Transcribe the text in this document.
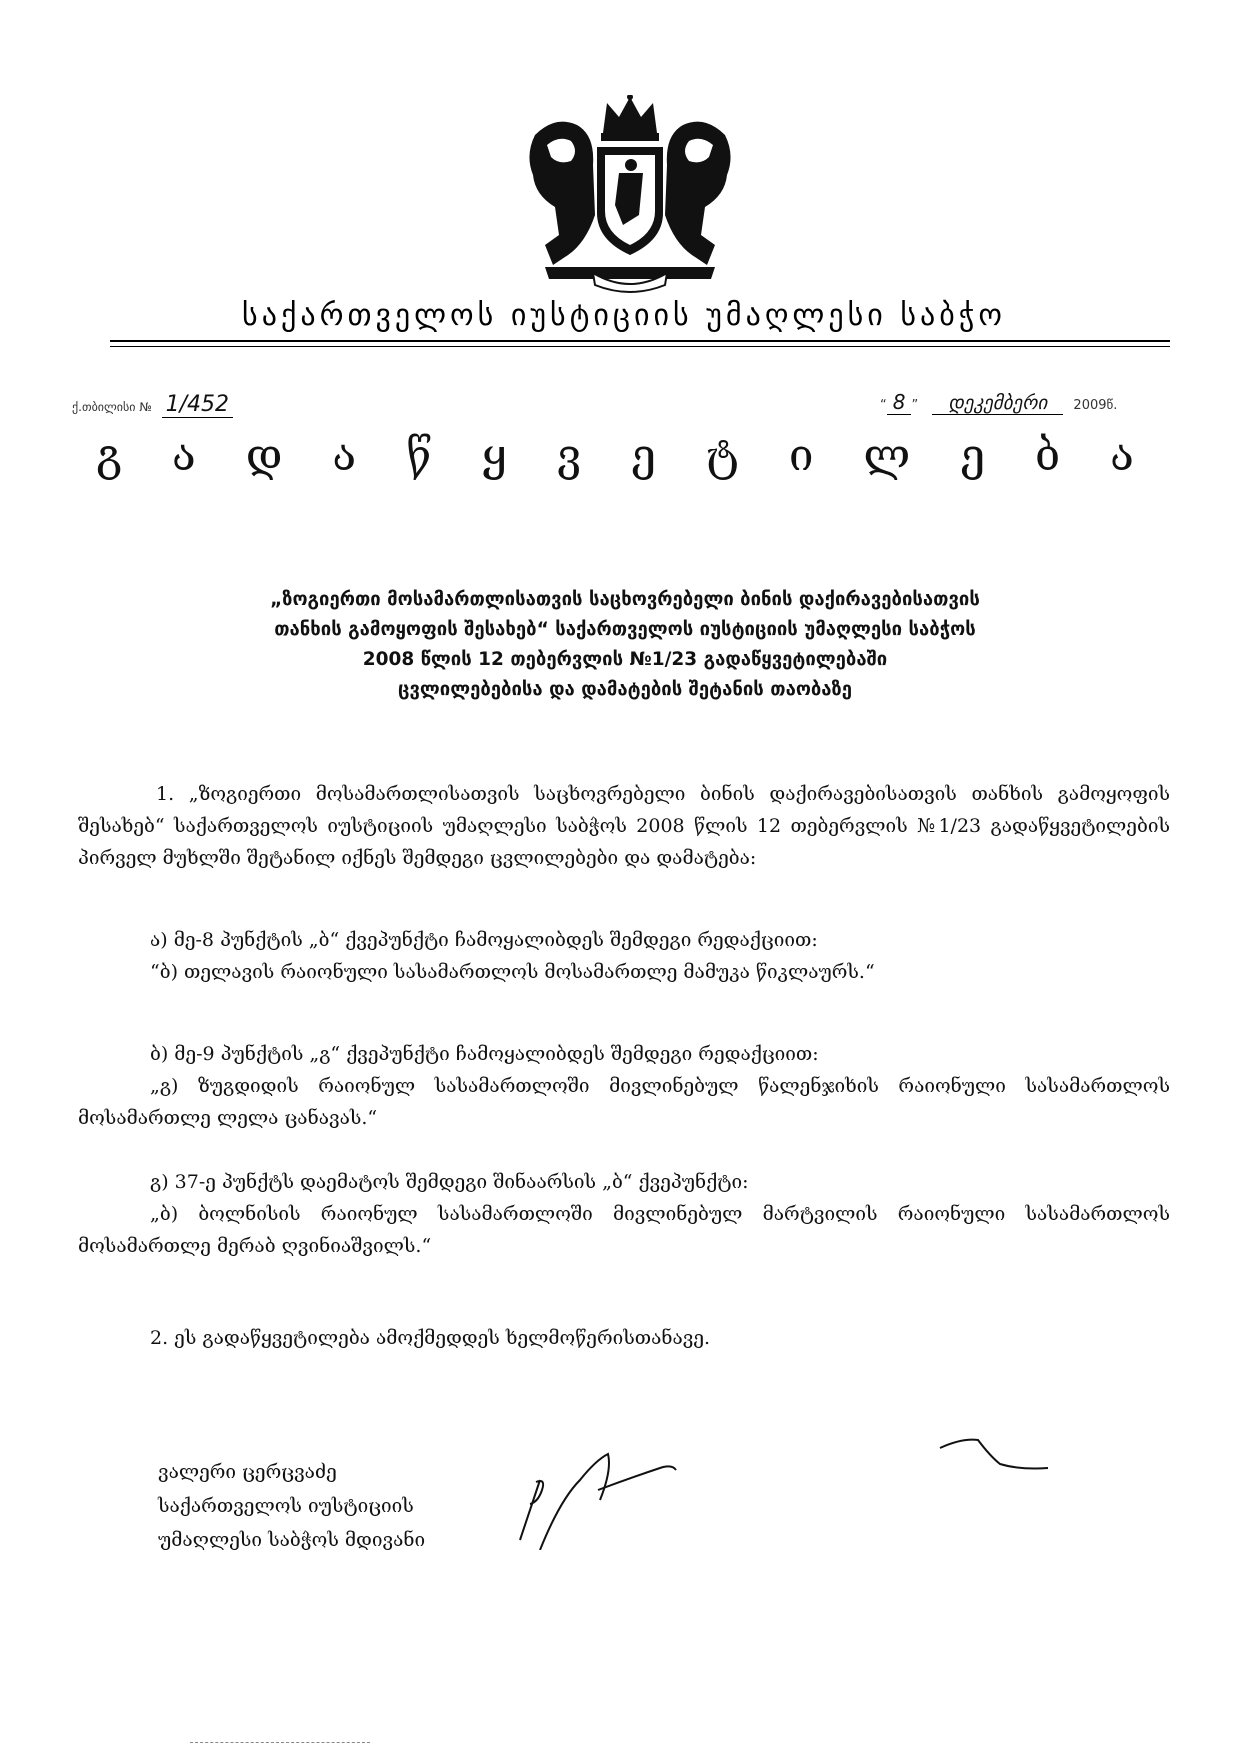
საქართველოს იუსტიციის უმაღლესი საბჭო
ქ.თბილისი № 1/452	“ 8 ” დეკემბერი 2009წ.
გ ა დ ა წ ყ ვ ე ტ ი ლ ე ბ ა
„ზოგიერთი მოსამართლისათვის საცხოვრებელი ბინის დაქირავებისათვის
თანხის გამოყოფის შესახებ“ საქართველოს იუსტიციის უმაღლესი საბჭოს
2008 წლის 12 თებერვლის №1/23 გადაწყვეტილებაში
ცვლილებებისა და დამატების შეტანის თაობაზე
1. „ზოგიერთი მოსამართლისათვის საცხოვრებელი ბინის დაქირავებისათვის თანხის გამოყოფის შესახებ“ საქართველოს იუსტიციის უმაღლესი საბჭოს 2008 წლის 12 თებერვლის №1/23 გადაწყვეტილების პირველ მუხლში შეტანილ იქნეს შემდეგი ცვლილებები და დამატება:
ა) მე-8 პუნქტის „ბ“ ქვეპუნქტი ჩამოყალიბდეს შემდეგი რედაქციით:
“ბ) თელავის რაიონული სასამართლოს მოსამართლე მამუკა წიკლაურს.“
ბ) მე-9 პუნქტის „გ“ ქვეპუნქტი ჩამოყალიბდეს შემდეგი რედაქციით:
„გ) ზუგდიდის რაიონულ სასამართლოში მივლინებულ წალენჯიხის რაიონული სასამართლოს მოსამართლე ლელა ცანავას.“
გ) 37-ე პუნქტს დაემატოს შემდეგი შინაარსის „ბ“ ქვეპუნქტი:
„ბ) ბოლნისის რაიონულ სასამართლოში მივლინებულ მარტვილის რაიონული სასამართლოს მოსამართლე მერაბ ღვინიაშვილს.“
2. ეს გადაწყვეტილება ამოქმედდეს ხელმოწერისთანავე.
ვალერი ცერცვაძე
საქართველოს იუსტიციის
უმაღლესი საბჭოს მდივანი
